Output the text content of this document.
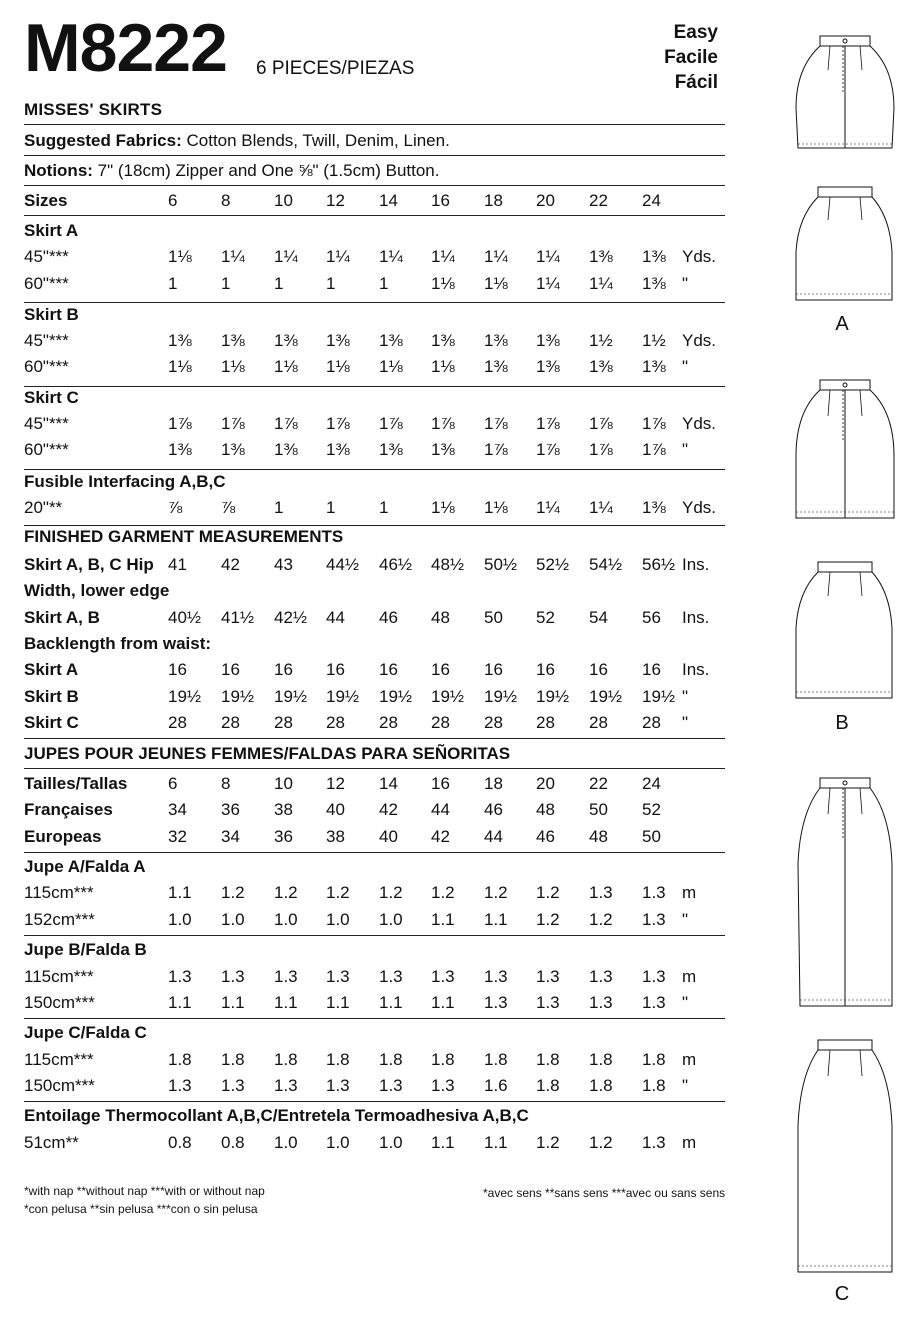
M8222 6 PIECES/PIEZAS
Easy
Facile
Fácil
MISSES' SKIRTS
Suggested Fabrics: Cotton Blends, Twill, Denim, Linen.
Notions: 7" (18cm) Zipper and One ⅝" (1.5cm) Button.
Sizes	6	8	10	12	14	16	18	20	22	24
Skirt A
45"***	1⅛	1¼	1¼	1¼	1¼	1¼	1¼	1¼	1⅜	1⅜ Yds.
60"***	1	1	1	1	1	1⅛	1⅛	1¼	1¼	1⅜ "
Skirt B
45"***	1⅜	1⅜	1⅜	1⅜	1⅜	1⅜	1⅜	1⅜	1½	1½ Yds.
60"***	1⅛	1⅛	1⅛	1⅛	1⅛	1⅛	1⅜	1⅜	1⅜	1⅜ "
Skirt C
45"***	1⅞	1⅞	1⅞	1⅞	1⅞	1⅞	1⅞	1⅞	1⅞	1⅞ Yds.
60"***	1⅜	1⅜	1⅜	1⅜	1⅜	1⅜	1⅞	1⅞	1⅞	1⅞ "
Fusible Interfacing A,B,C
20"**	⅞	⅞	1	1	1	1⅛	1⅛	1¼	1¼	1⅜ Yds.
FINISHED GARMENT MEASUREMENTS
Skirt A, B, C Hip 41	42	43	44½	46½	48½	50½	52½	54½	56½ Ins.
Width, lower edge
Skirt A, B	40½	41½	42½	44	46	48	50	52	54	56	Ins.
Backlength from waist:
Skirt A	16	16	16	16	16	16	16	16	16	16	Ins.
Skirt B	19½	19½	19½	19½	19½	19½	19½	19½	19½	19½ "
Skirt C	28	28	28	28	28	28	28	28	28	28	"
JUPES POUR JEUNES FEMMES/FALDAS PARA SEÑORITAS
Tailles/Tallas 6	8	10	12	14	16	18	20	22	24
Françaises	34	36	38	40	42	44	46	48	50	52
Europeas	32	34	36	38	40	42	44	46	48	50
Jupe A/Falda A
115cm***	1.1	1.2	1.2	1.2	1.2	1.2	1.2	1.2	1.3	1.3 m
152cm***	1.0	1.0	1.0	1.0	1.0	1.1	1.1	1.2	1.2	1.3 "
Jupe B/Falda B
115cm***	1.3	1.3	1.3	1.3	1.3	1.3	1.3	1.3	1.3	1.3 m
150cm***	1.1	1.1	1.1	1.1	1.1	1.1	1.3	1.3	1.3	1.3 "
Jupe C/Falda C
115cm***	1.8	1.8	1.8	1.8	1.8	1.8	1.8	1.8	1.8	1.8 m
150cm***	1.3	1.3	1.3	1.3	1.3	1.3	1.6	1.8	1.8	1.8 "
Entoilage Thermocollant A,B,C/Entretela Termoadhesiva A,B,C
51cm**	0.8	0.8	1.0	1.0	1.0	1.1	1.1	1.2	1.2	1.3 m
*with nap **without nap ***with or without nap
*con pelusa **sin pelusa ***con o sin pelusa
*avec sens **sans sens ***avec ou sans sens
A
B
C
